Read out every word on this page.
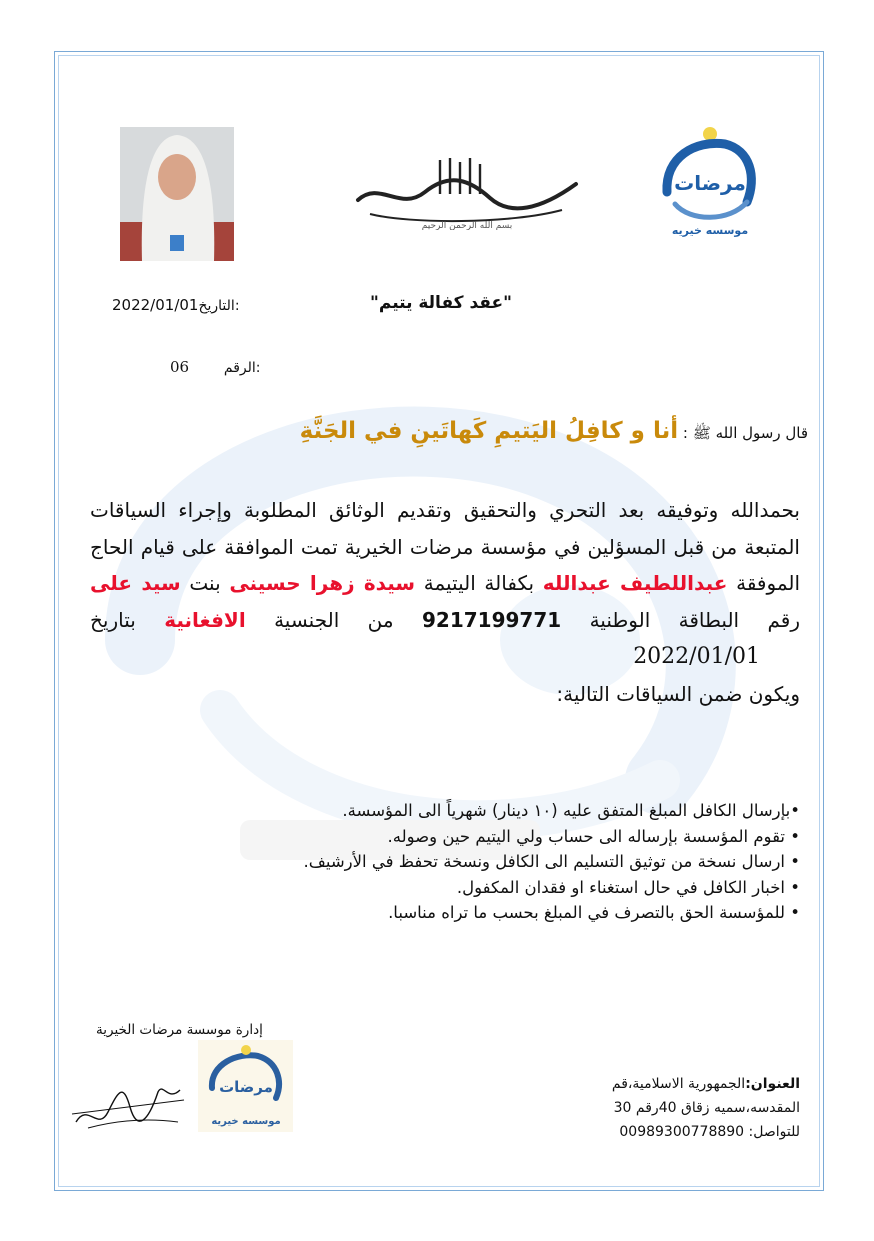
مرضات
موسسه خیریه
بسم الله الرحمن الرحيم
"عقد كفالة يتيم"
2022/01/01التاريخ:
06 الرقم:
قال رسول الله ﷺ : أنا و كافِلُ اليَتيمِ كَهاتَينِ في الجَنَّةِ
بحمدالله وتوفيقه بعد التحري والتحقيق وتقديم الوثائق المطلوبة وإجراء السياقات المتبعة من قبل المسؤلين في مؤسسة مرضات الخيرية تمت الموافقة على قيام الحاج الموفقة عبداللطيف عبدالله بكفالة اليتيمة سيدة زهرا حسينى بنت سيد على رقم البطاقة الوطنية 9217199771 من الجنسية الافغانية بتاريخ 2022/01/01
ويكون ضمن السياقات التالية:
•بإرسال الكافل المبلغ المتفق عليه (١٠ دينار) شهرياً الى المؤسسة.
• تقوم المؤسسة بإرساله الى حساب ولي اليتيم حين وصوله.
• ارسال نسخة من توثيق التسليم الى الكافل ونسخة تحفظ في الأرشيف.
• اخبار الكافل في حال استغناء او فقدان المكفول.
• للمؤسسة الحق بالتصرف في المبلغ بحسب ما تراه مناسبا.
إدارة موسسة مرضات الخيرية
مرضات
موسسه خیریه
العنوان:الجمهورية الاسلامية،قم المقدسه،سميه زقاق 40رقم 30
للتواصل: 00989300778890
